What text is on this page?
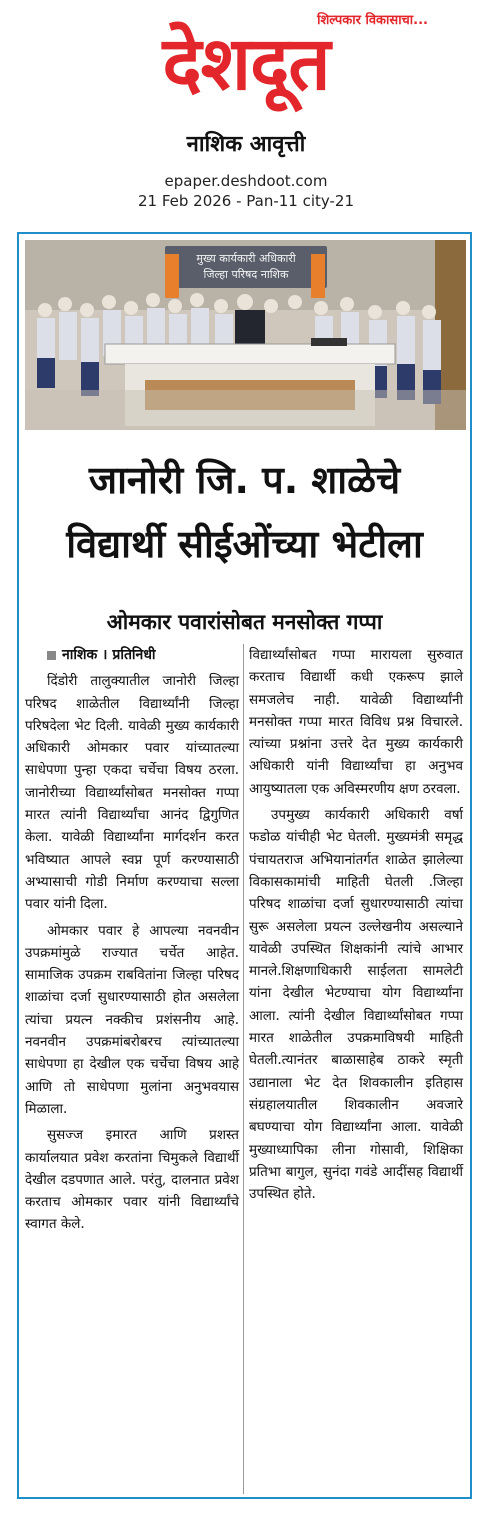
शिल्पकार विकासाचा...
देशदूत
नाशिक आवृत्ती
epaper.deshdoot.com
21 Feb 2026 - Pan-11 city-21
मुख्य कार्यकारी अधिकारी
जिल्हा परिषद नाशिक
जानोरी जि. प. शाळेचे
विद्यार्थी सीईओंच्या भेटीला
ओमकार पवारांसोबत मनसोक्त गप्पा

नाशिक । प्रतिनिधी

दिंडोरी तालुक्यातील जानोरी जिल्हा परिषद शाळेतील विद्यार्थ्यांनी जिल्हा परिषदेला भेट दिली. यावेळी मुख्य कार्यकारी अधिकारी ओमकार पवार यांच्यातल्या साधेपणा पुन्हा एकदा चर्चेचा विषय ठरला. जानोरीच्या विद्यार्थ्यांसोबत मनसोक्त गप्पा मारत त्यांनी विद्यार्थ्यांचा आनंद द्विगुणित केला. यावेळी विद्यार्थ्यांना मार्गदर्शन करत भविष्यात आपले स्वप्न पूर्ण करण्यासाठी अभ्यासाची गोडी निर्माण करण्याचा सल्ला पवार यांनी दिला.

ओमकार पवार हे आपल्या नवनवीन उपक्रमांमुळे राज्यात चर्चेत आहेत. सामाजिक उपक्रम राबवितांना जिल्हा परिषद शाळांचा दर्जा सुधारण्यासाठी होत असलेला त्यांचा प्रयत्न नक्कीच प्रशंसनीय आहे. नवनवीन उपक्रमांबरोबरच त्यांच्यातल्या साधेपणा हा देखील एक चर्चेचा विषय आहे आणि तो साधेपणा मुलांना अनुभवयास मिळाला.

सुसज्ज इमारत आणि प्रशस्त कार्यालयात प्रवेश करतांना चिमुकले विद्यार्थी देखील दडपणात आले. परंतु, दालनात प्रवेश करताच ओमकार पवार यांनी विद्यार्थ्यांचे स्वागत केले.

विद्यार्थ्यांसोबत गप्पा मारायला सुरुवात करताच विद्यार्थी कधी एकरूप झाले समजलेच नाही. यावेळी विद्यार्थ्यांनी मनसोक्त गप्पा मारत विविध प्रश्न विचारले. त्यांच्या प्रश्नांना उत्तरे देत मुख्य कार्यकारी अधिकारी यांनी विद्यार्थ्यांचा हा अनुभव आयुष्यातला एक अविस्मरणीय क्षण ठरवला.

उपमुख्य कार्यकारी अधिकारी वर्षा फडोळ यांचीही भेट घेतली. मुख्यमंत्री समृद्ध पंचायतराज अभियानांतर्गत शाळेत झालेल्या विकासकामांची माहिती घेतली .जिल्हा परिषद शाळांचा दर्जा सुधारण्यासाठी त्यांचा सुरू असलेला प्रयत्न उल्लेखनीय असल्याने यावेळी उपस्थित शिक्षकांनी त्यांचे आभार मानले.शिक्षणाधिकारी साईलता सामलेटी यांना देखील भेटण्याचा योग विद्यार्थ्यांना आला. त्यांनी देखील विद्यार्थ्यांसोबत गप्पा मारत शाळेतील उपक्रमाविषयी माहिती घेतली.त्यानंतर बाळासाहेब ठाकरे स्मृती उद्यानाला भेट देत शिवकालीन इतिहास संग्रहालयातील शिवकालीन अवजारे बघण्याचा योग विद्यार्थ्यांना आला. यावेळी मुख्याध्यापिका लीना गोसावी, शिक्षिका प्रतिभा बागुल, सुनंदा गवंडे आदींसह विद्यार्थी उपस्थित होते.
